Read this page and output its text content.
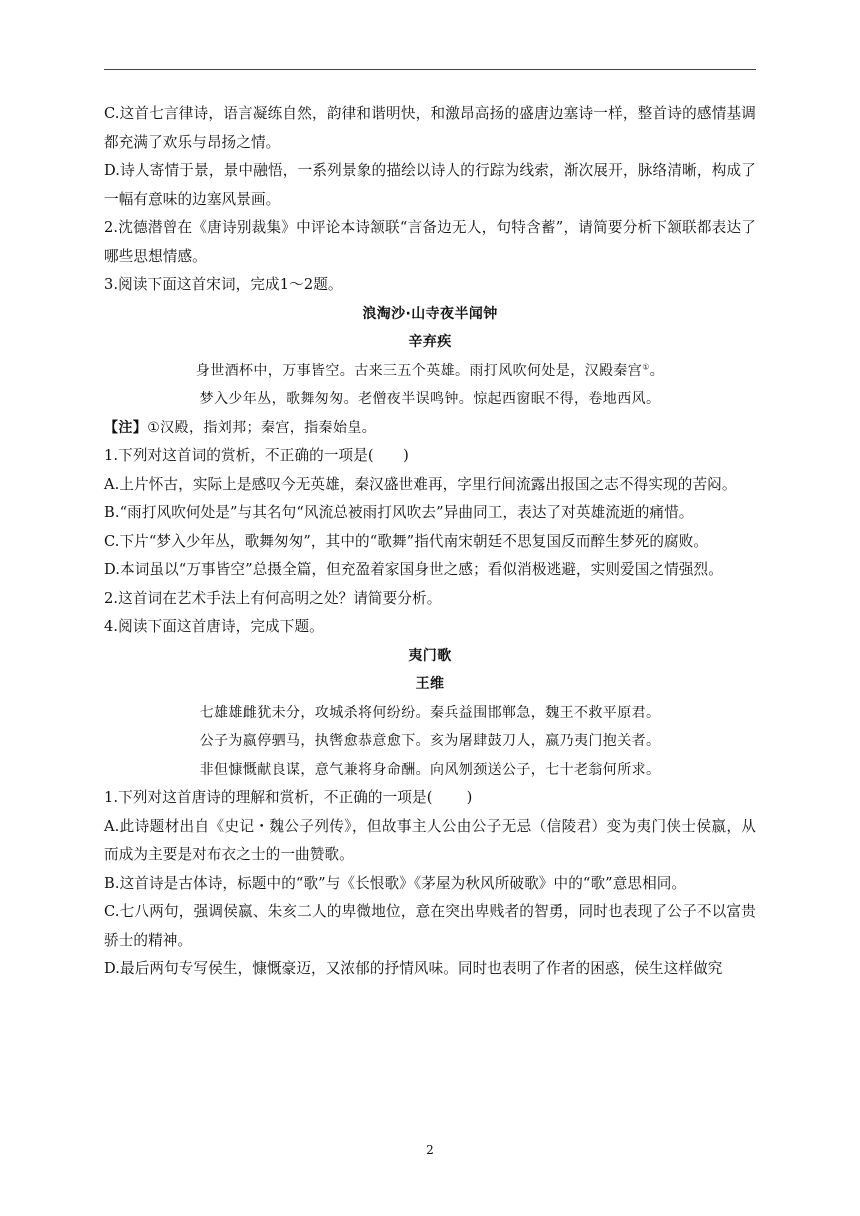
C.这首七言律诗，语言凝练自然，韵律和谐明快，和激昂高扬的盛唐边塞诗一样，整首诗的感情基调都充满了欢乐与昂扬之情。

D.诗人寄情于景，景中融悟，一系列景象的描绘以诗人的行踪为线索，渐次展开，脉络清晰，构成了一幅有意味的边塞风景画。

2.沈德潜曾在《唐诗别裁集》中评论本诗颔联“言备边无人，句特含蓄”，请简要分析下颔联都表达了哪些思想情感。

3.阅读下面这首宋词，完成1～2题。

浪淘沙·山寺夜半闻钟

辛弃疾

身世酒杯中，万事皆空。古来三五个英雄。雨打风吹何处是，汉殿秦宫①。

梦入少年丛，歌舞匆匆。老僧夜半误鸣钟。惊起西窗眠不得，卷地西风。

【注】①汉殿，指刘邦；秦宫，指秦始皇。

1.下列对这首词的赏析，不正确的一项是(　　)

A.上片怀古，实际上是感叹今无英雄，秦汉盛世难再，字里行间流露出报国之志不得实现的苦闷。

B.“雨打风吹何处是”与其名句“风流总被雨打风吹去”异曲同工，表达了对英雄流逝的痛惜。

C.下片“梦入少年丛，歌舞匆匆”，其中的“歌舞”指代南宋朝廷不思复国反而醉生梦死的腐败。

D.本词虽以“万事皆空”总摄全篇，但充盈着家国身世之感；看似消极逃避，实则爱国之情强烈。

2.这首词在艺术手法上有何高明之处？请简要分析。

4.阅读下面这首唐诗，完成下题。

夷门歌

王维

七雄雄雌犹未分，攻城杀将何纷纷。秦兵益围邯郸急，魏王不救平原君。

公子为嬴停驷马，执辔愈恭意愈下。亥为屠肆鼓刀人，嬴乃夷门抱关者。

非但慷慨献良谋，意气兼将身命酬。向风刎颈送公子，七十老翁何所求。

1.下列对这首唐诗的理解和赏析，不正确的一项是(　　 )

A.此诗题材出自《史记・魏公子列传》，但故事主人公由公子无忌（信陵君）变为夷门侠士侯嬴，从而成为主要是对布衣之士的一曲赞歌。

B.这首诗是古体诗，标题中的“歌”与《长恨歌》《茅屋为秋风所破歌》中的“歌”意思相同。

C.七八两句，强调侯嬴、朱亥二人的卑微地位，意在突出卑贱者的智勇，同时也表现了公子不以富贵骄士的精神。

D.最后两句专写侯生，慷慨豪迈，又浓郁的抒情风味。同时也表明了作者的困惑，侯生这样做究

2
